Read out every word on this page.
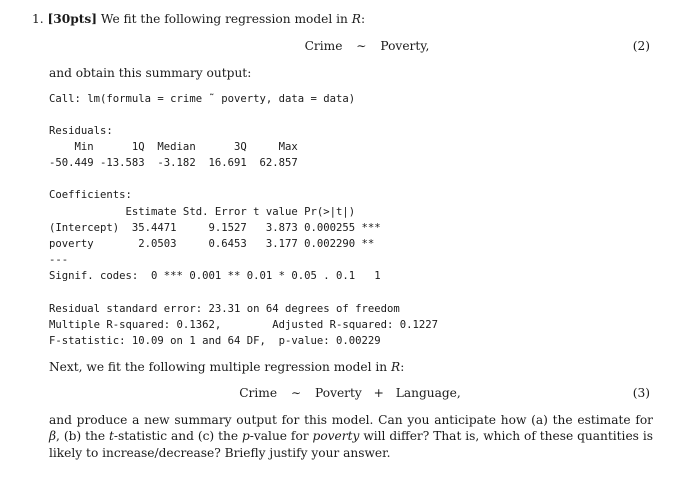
1. [30pts] We fit the following regression model in R:
Crime ∼ Poverty,	(2)
and obtain this summary output:
Call: lm(formula = crime ˜ poverty, data = data)
Residuals:
Min      1Q  Median      3Q     Max
-50.449 -13.583  -3.182  16.691  62.857
Coefficients:
Estimate Std. Error t value Pr(>|t|)
(Intercept)  35.4471     9.1527   3.873 0.000255 ***
poverty       2.0503     0.6453   3.177 0.002290 **
---
Signif. codes:  0 *** 0.001 ** 0.01 * 0.05 . 0.1   1
Residual standard error: 23.31 on 64 degrees of freedom
Multiple R-squared: 0.1362,        Adjusted R-squared: 0.1227
F-statistic: 10.09 on 1 and 64 DF,  p-value: 0.00229
Next, we fit the following multiple regression model in R:
Crime ∼ Poverty + Language,	(3)
and produce a new summary output for this model. Can you anticipate how (a) the estimate for β, (b) the t-statistic and (c) the p-value for poverty will differ? That is, which of these quantities is likely to increase/decrease? Briefly justify your answer.
